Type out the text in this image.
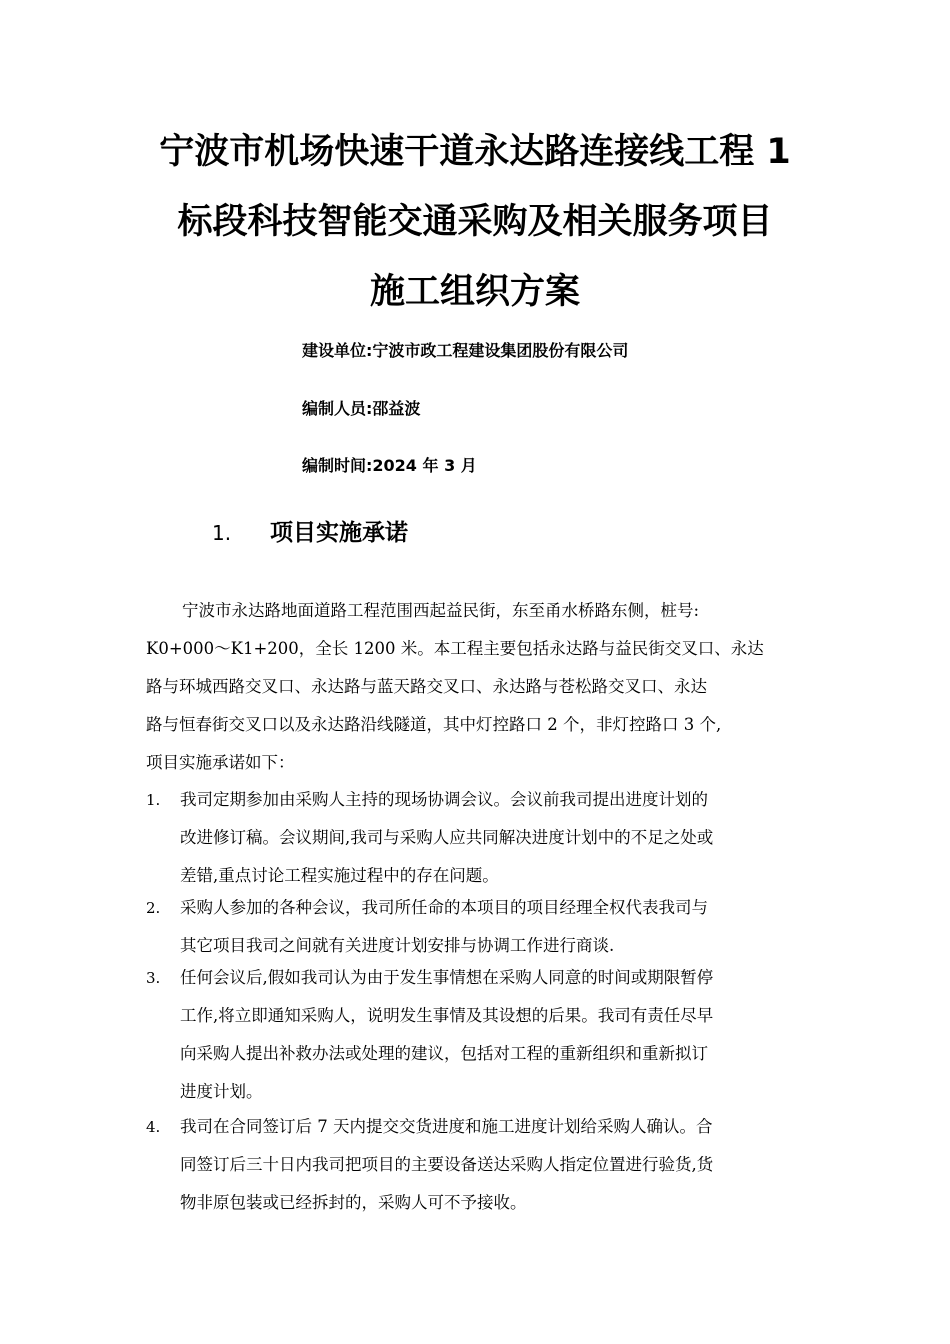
宁波市机场快速干道永达路连接线工程 1
标段科技智能交通采购及相关服务项目
施工组织方案
建设单位:宁波市政工程建设集团股份有限公司
编制人员:邵益波
编制时间:2024 年 3 月
1. 项目实施承诺
宁波市永达路地面道路工程范围西起益民街，东至甬水桥路东侧，桩号:
K0+000～K1+200，全长 1200 米。本工程主要包括永达路与益民街交叉口、永达
路与环城西路交叉口、永达路与蓝天路交叉口、永达路与苍松路交叉口、永达
路与恒春街交叉口以及永达路沿线隧道，其中灯控路口 2 个，非灯控路口 3 个,
项目实施承诺如下：
1. 我司定期参加由采购人主持的现场协调会议。会议前我司提出进度计划的
改进修订稿。会议期间,我司与采购人应共同解决进度计划中的不足之处或
差错,重点讨论工程实施过程中的存在问题。
2. 采购人参加的各种会议，我司所任命的本项目的项目经理全权代表我司与
其它项目我司之间就有关进度计划安排与协调工作进行商谈.
3. 任何会议后,假如我司认为由于发生事情想在采购人同意的时间或期限暂停
工作,将立即通知采购人，说明发生事情及其设想的后果。我司有责任尽早
向采购人提出补救办法或处理的建议，包括对工程的重新组织和重新拟订
进度计划。
4. 我司在合同签订后 7 天内提交交货进度和施工进度计划给采购人确认。合
同签订后三十日内我司把项目的主要设备送达采购人指定位置进行验货,货
物非原包装或已经拆封的，采购人可不予接收。
